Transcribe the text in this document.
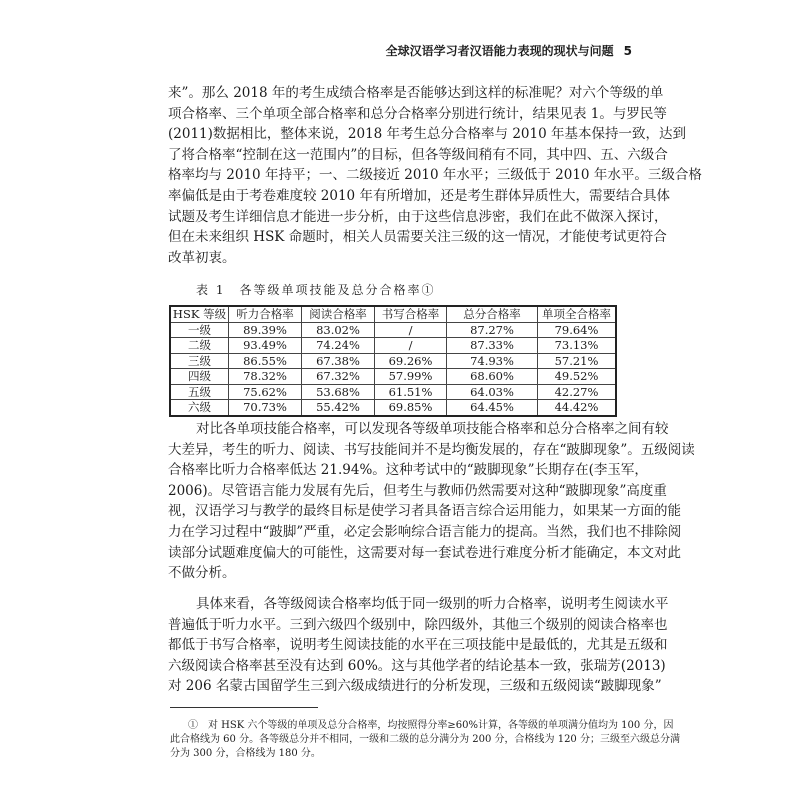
全球汉语学习者汉语能力表现的现状与问题 5
来”。那么 2018 年的考生成绩合格率是否能够达到这样的标准呢？对六个等级的单
项合格率、三个单项全部合格率和总分合格率分别进行统计，结果见表 1。与罗民等
(2011)数据相比，整体来说，2018 年考生总分合格率与 2010 年基本保持一致，达到
了将合格率“控制在这一范围内”的目标，但各等级间稍有不同，其中四、五、六级合
格率均与 2010 年持平；一、二级接近 2010 年水平；三级低于 2010 年水平。三级合格
率偏低是由于考卷难度较 2010 年有所增加，还是考生群体异质性大，需要结合具体
试题及考生详细信息才能进一步分析，由于这些信息涉密，我们在此不做深入探讨，
但在未来组织 HSK 命题时，相关人员需要关注三级的这一情况，才能使考试更符合
改革初衷。
表 1　各等级单项技能及总分合格率①
HSK 等级	听力合格率	阅读合格率	书写合格率	总分合格率	单项全合格率
一级	89.39%	83.02%	/	87.27%	79.64%
二级	93.49%	74.24%	/	87.33%	73.13%
三级	86.55%	67.38%	69.26%	74.93%	57.21%
四级	78.32%	67.32%	57.99%	68.60%	49.52%
五级	75.62%	53.68%	61.51%	64.03%	42.27%
六级	70.73%	55.42%	69.85%	64.45%	44.42%
对比各单项技能合格率，可以发现各等级单项技能合格率和总分合格率之间有较
大差异，考生的听力、阅读、书写技能间并不是均衡发展的，存在“跛脚现象”。五级阅读
合格率比听力合格率低达 21.94%。这种考试中的“跛脚现象”长期存在(李玉军，
2006)。尽管语言能力发展有先后，但考生与教师仍然需要对这种“跛脚现象”高度重
视，汉语学习与教学的最终目标是使学习者具备语言综合运用能力，如果某一方面的能
力在学习过程中“跛脚”严重，必定会影响综合语言能力的提高。当然，我们也不排除阅
读部分试题难度偏大的可能性，这需要对每一套试卷进行难度分析才能确定，本文对此
不做分析。
具体来看，各等级阅读合格率均低于同一级别的听力合格率，说明考生阅读水平
普遍低于听力水平。三到六级四个级别中，除四级外，其他三个级别的阅读合格率也
都低于书写合格率，说明考生阅读技能的水平在三项技能中是最低的，尤其是五级和
六级阅读合格率甚至没有达到 60%。这与其他学者的结论基本一致，张瑞芳(2013)
对 206 名蒙古国留学生三到六级成绩进行的分析发现，三级和五级阅读“跛脚现象”
①　对 HSK 六个等级的单项及总分合格率，均按照得分率≥60%计算，各等级的单项满分值均为 100 分，因
此合格线为 60 分。各等级总分并不相同，一级和二级的总分满分为 200 分，合格线为 120 分；三级至六级总分满
分为 300 分，合格线为 180 分。
